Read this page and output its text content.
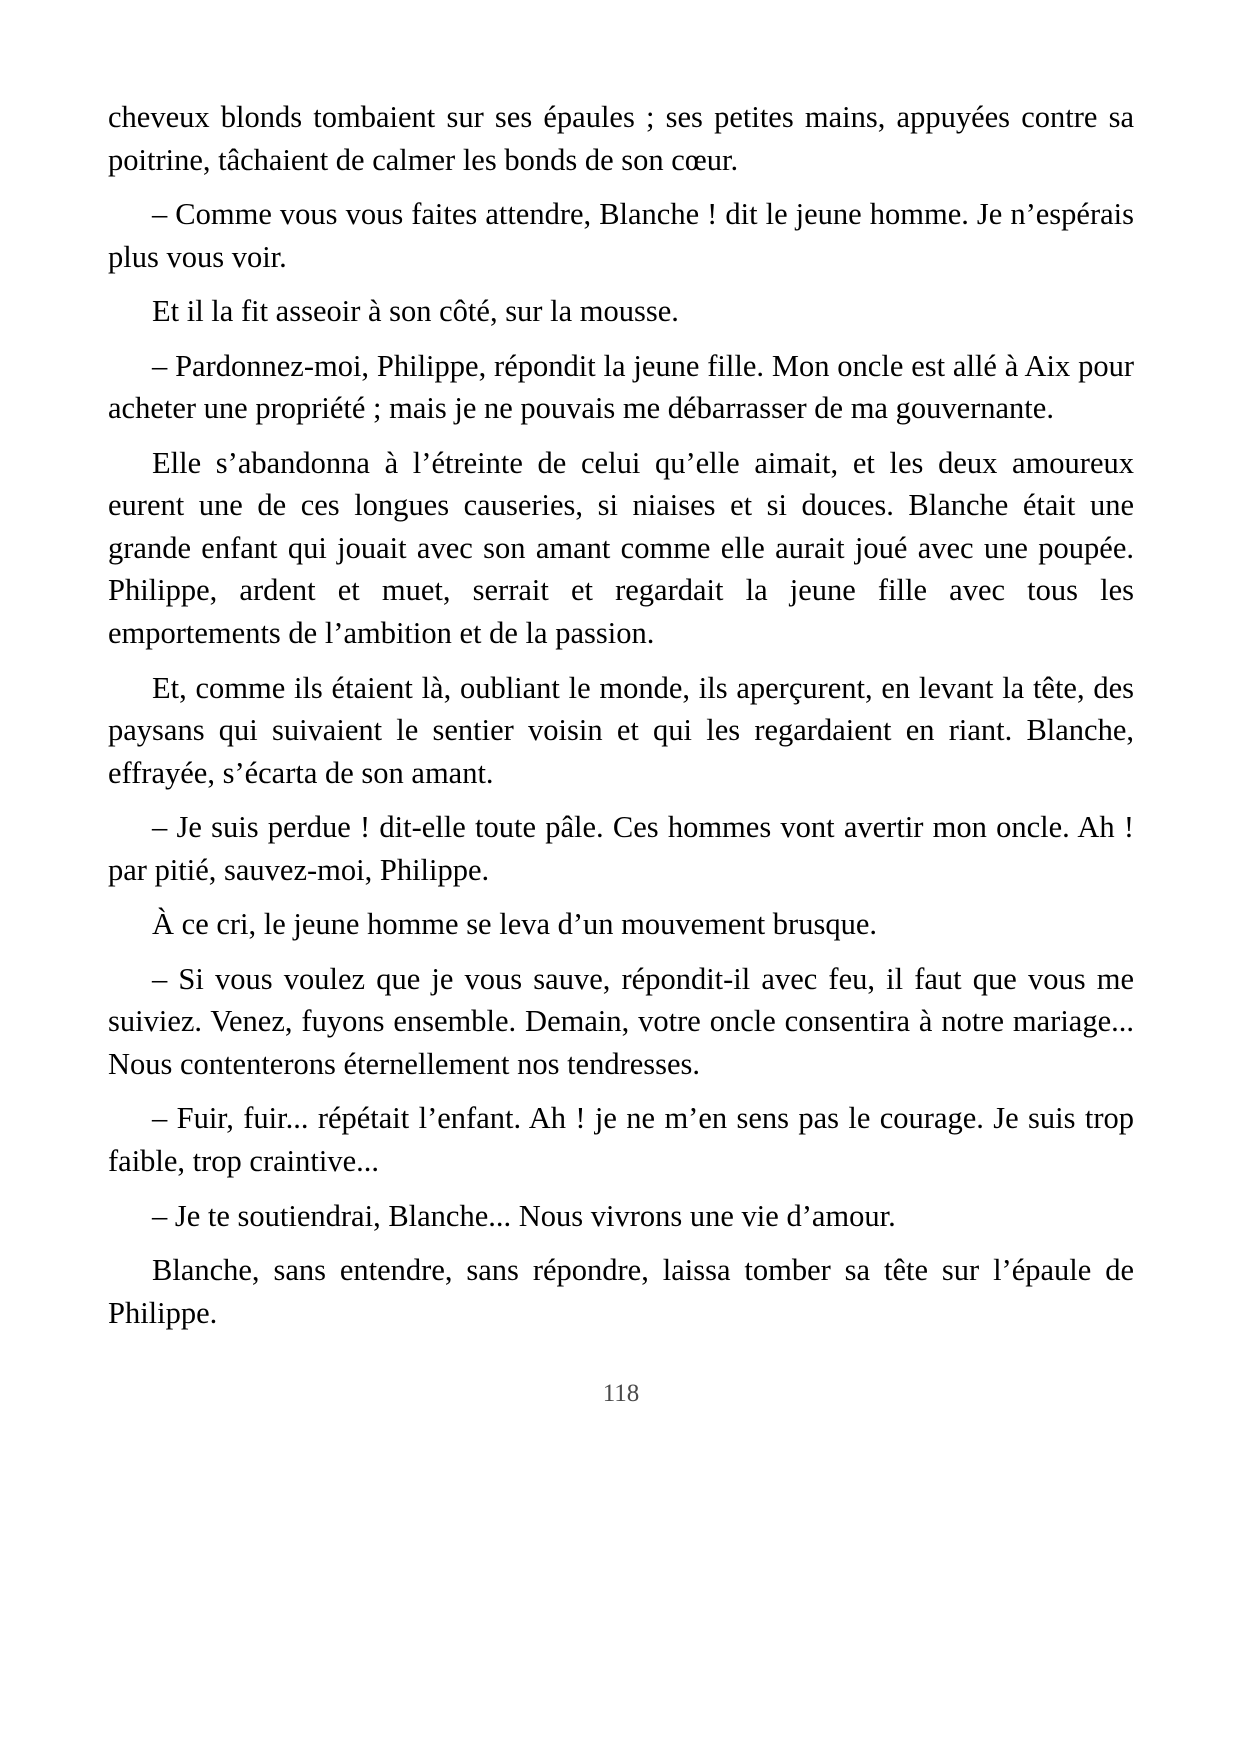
cheveux blonds tombaient sur ses épaules ; ses petites mains, appuyées contre sa poitrine, tâchaient de calmer les bonds de son cœur.

– Comme vous vous faites attendre, Blanche ! dit le jeune homme. Je n’espérais plus vous voir.

Et il la fit asseoir à son côté, sur la mousse.

– Pardonnez-moi, Philippe, répondit la jeune fille. Mon oncle est allé à Aix pour acheter une propriété ; mais je ne pouvais me débarrasser de ma gouvernante.

Elle s’abandonna à l’étreinte de celui qu’elle aimait, et les deux amoureux eurent une de ces longues causeries, si niaises et si douces. Blanche était une grande enfant qui jouait avec son amant comme elle aurait joué avec une poupée. Philippe, ardent et muet, serrait et regardait la jeune fille avec tous les emportements de l’ambition et de la passion.

Et, comme ils étaient là, oubliant le monde, ils aperçurent, en levant la tête, des paysans qui suivaient le sentier voisin et qui les regardaient en riant. Blanche, effrayée, s’écarta de son amant.

– Je suis perdue ! dit-elle toute pâle. Ces hommes vont avertir mon oncle. Ah ! par pitié, sauvez-moi, Philippe.

À ce cri, le jeune homme se leva d’un mouvement brusque.

– Si vous voulez que je vous sauve, répondit-il avec feu, il faut que vous me suiviez. Venez, fuyons ensemble. Demain, votre oncle consentira à notre mariage... Nous contenterons éternellement nos tendresses.

– Fuir, fuir... répétait l’enfant. Ah ! je ne m’en sens pas le courage. Je suis trop faible, trop craintive...

– Je te soutiendrai, Blanche... Nous vivrons une vie d’amour.

Blanche, sans entendre, sans répondre, laissa tomber sa tête sur l’épaule de Philippe.

118
